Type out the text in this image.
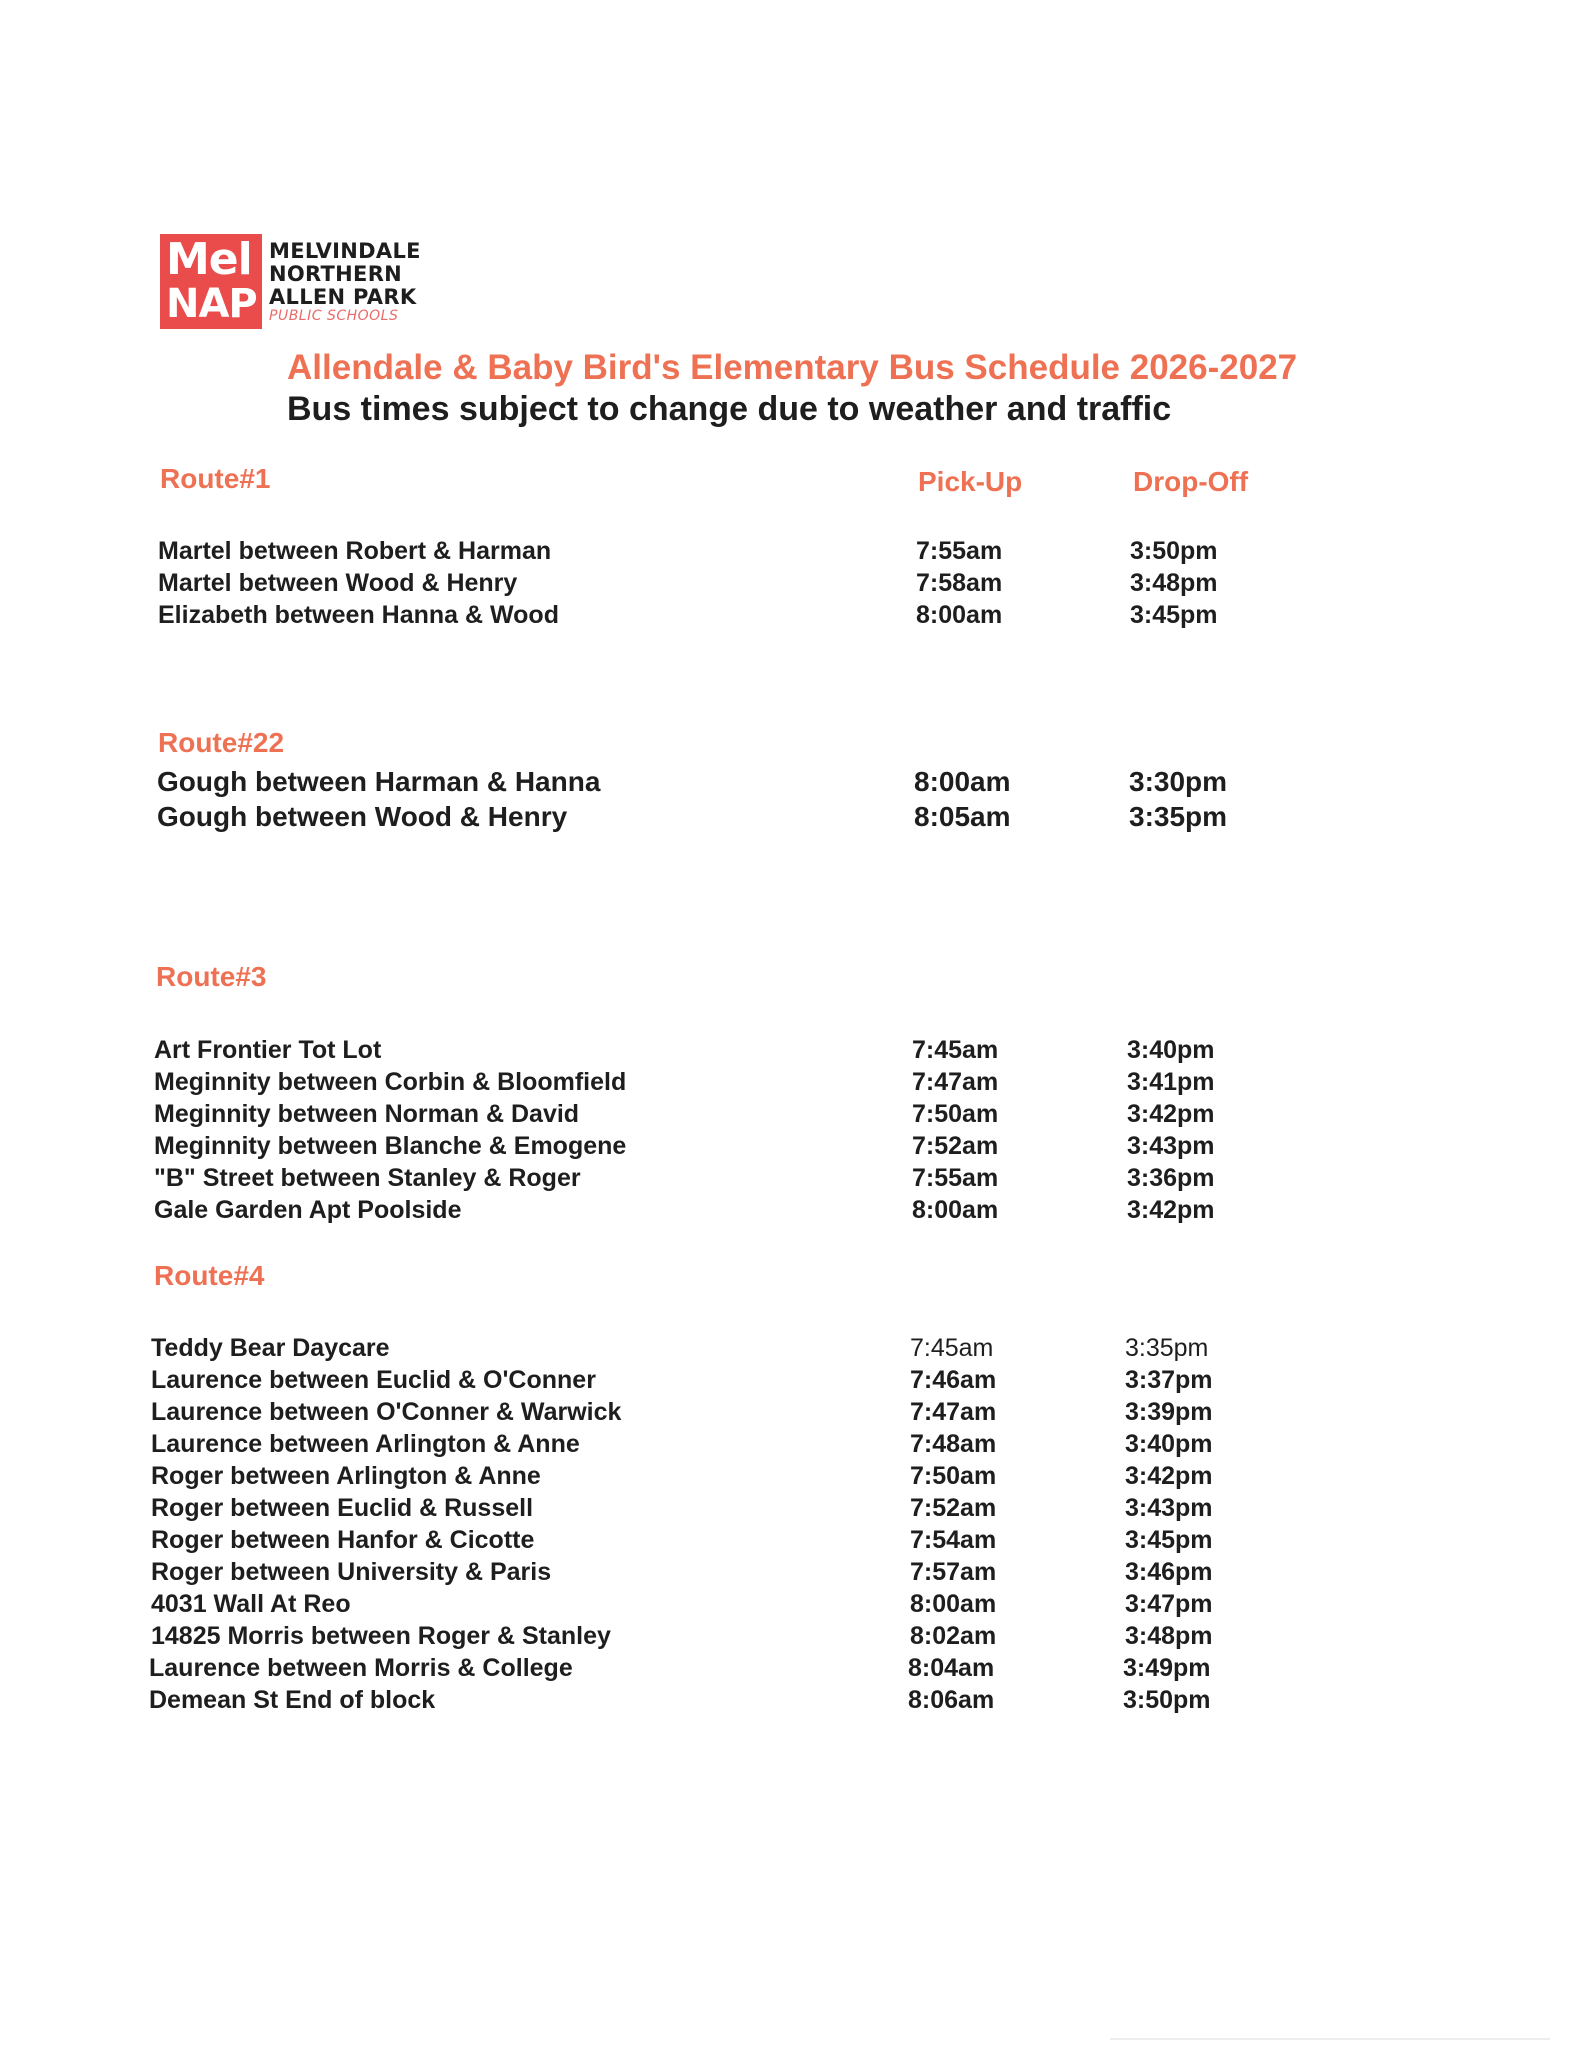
Mel
NAP
MELVINDALE
NORTHERN
ALLEN PARK
PUBLIC SCHOOLS
Allendale & Baby Bird's Elementary Bus Schedule 2026-2027
Bus times subject to change due to weather and traffic
Pick-Up	Drop-Off
Route#1
Martel between Robert & Harman	7:55am	3:50pm
Martel between Wood & Henry	7:58am	3:48pm
Elizabeth between Hanna & Wood	8:00am	3:45pm
Route#22
Gough between Harman & Hanna	8:00am	3:30pm
Gough between Wood & Henry	8:05am	3:35pm
Route#3
Art Frontier Tot Lot	7:45am	3:40pm
Meginnity between Corbin & Bloomfield	7:47am	3:41pm
Meginnity between Norman & David	7:50am	3:42pm
Meginnity between Blanche & Emogene	7:52am	3:43pm
"B" Street between Stanley & Roger	7:55am	3:36pm
Gale Garden Apt Poolside	8:00am	3:42pm
Route#4
Teddy Bear Daycare	7:45am	3:35pm
Laurence between Euclid & O'Conner	7:46am	3:37pm
Laurence between O'Conner & Warwick	7:47am	3:39pm
Laurence between Arlington & Anne	7:48am	3:40pm
Roger between Arlington & Anne	7:50am	3:42pm
Roger between Euclid & Russell	7:52am	3:43pm
Roger between Hanfor & Cicotte	7:54am	3:45pm
Roger between University & Paris	7:57am	3:46pm
4031 Wall At Reo	8:00am	3:47pm
14825 Morris between Roger & Stanley	8:02am	3:48pm
Laurence between Morris & College	8:04am	3:49pm
Demean St End of block	8:06am	3:50pm
